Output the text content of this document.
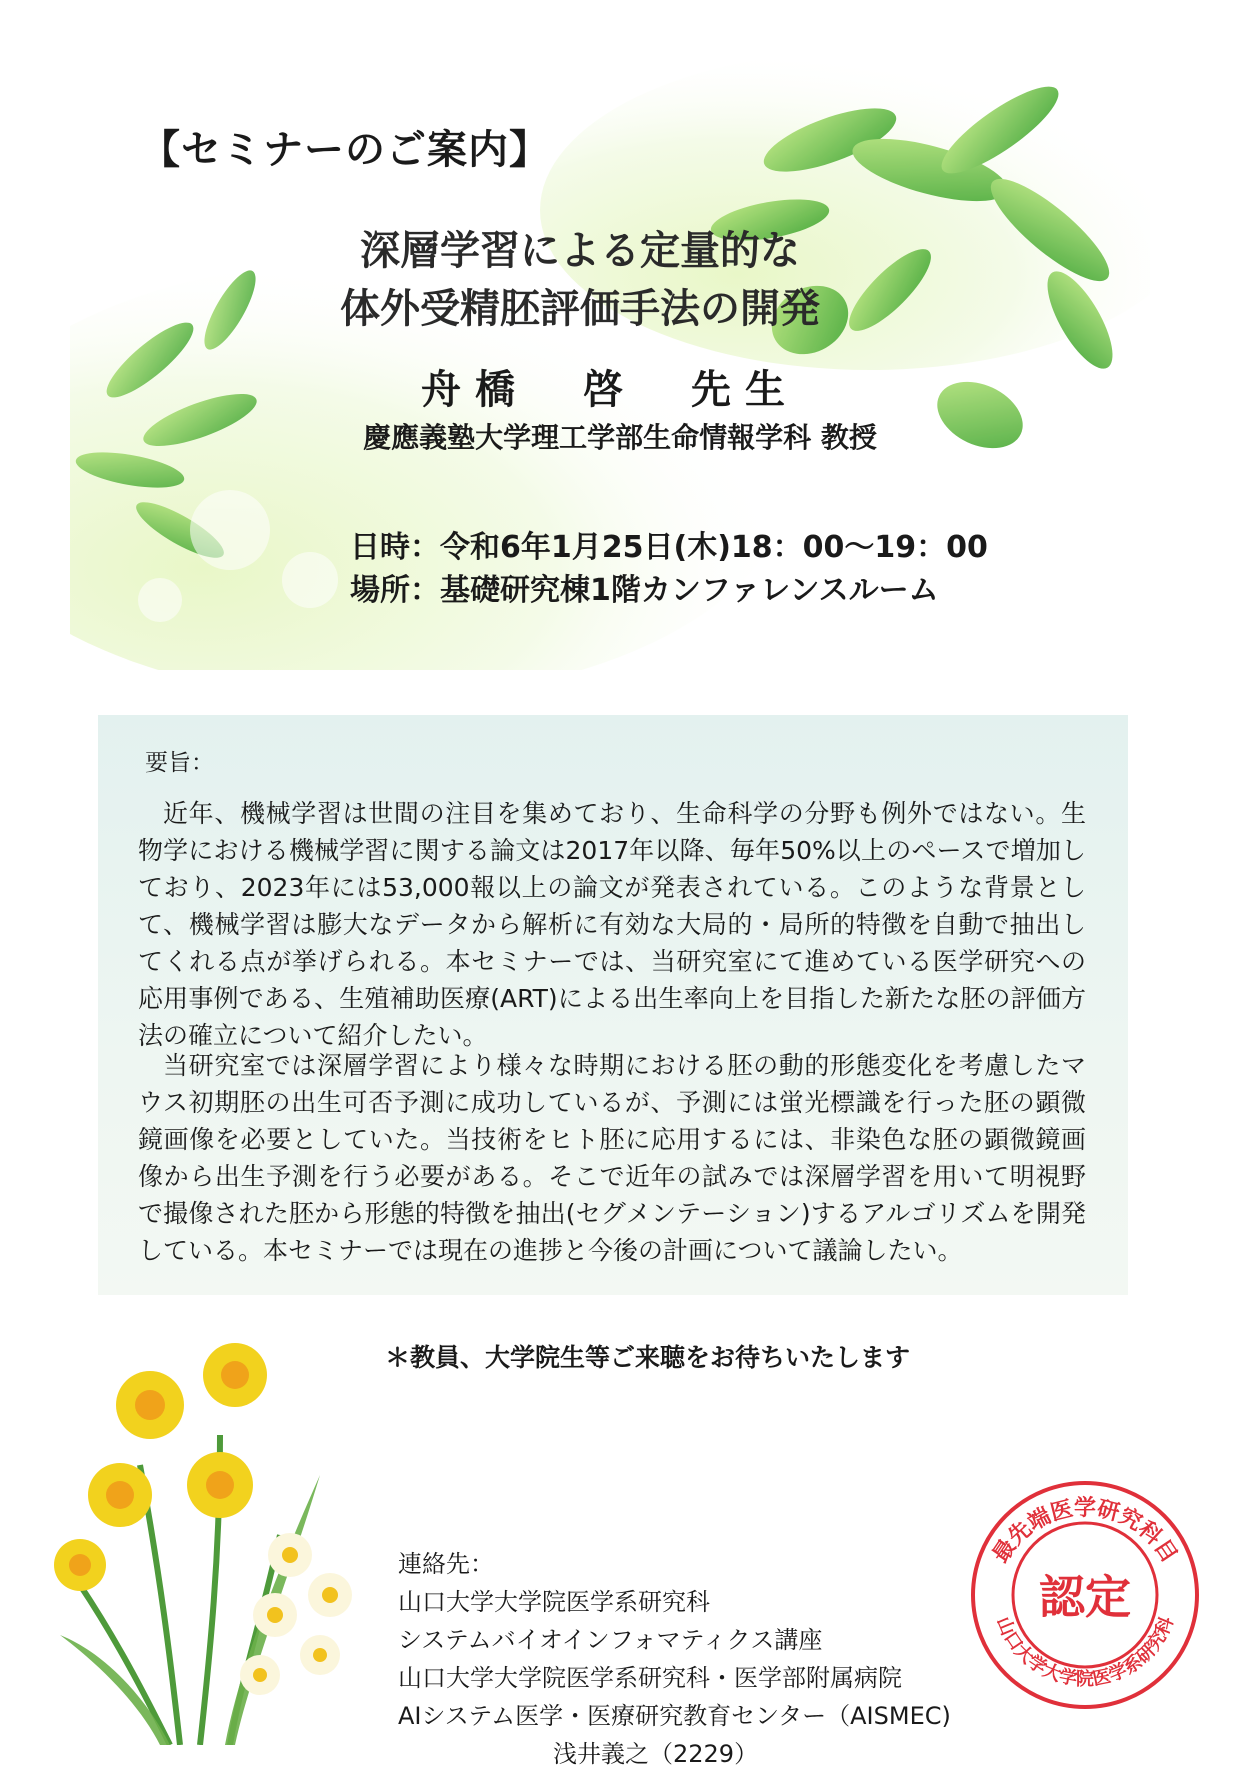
【セミナーのご案内】
深層学習による定量的な
体外受精胚評価手法の開発
舟橋　啓　先生
慶應義塾大学理工学部生命情報学科 教授
日時：令和6年1月25日(木)18：00～19：00
場所：基礎研究棟1階カンファレンスルーム
要旨：

近年、機械学習は世間の注目を集めており、生命科学の分野も例外ではない。生物学における機械学習に関する論文は2017年以降、毎年50%以上のペースで増加しており、2023年には53,000報以上の論文が発表されている。このような背景として、機械学習は膨大なデータから解析に有効な大局的・局所的特徴を自動で抽出してくれる点が挙げられる。本セミナーでは、当研究室にて進めている医学研究への応用事例である、生殖補助医療(ART)による出生率向上を目指した新たな胚の評価方法の確立について紹介したい。

当研究室では深層学習により様々な時期における胚の動的形態変化を考慮したマウス初期胚の出生可否予測に成功しているが、予測には蛍光標識を行った胚の顕微鏡画像を必要としていた。当技術をヒト胚に応用するには、非染色な胚の顕微鏡画像から出生予測を行う必要がある。そこで近年の試みでは深層学習を用いて明視野で撮像された胚から形態的特徴を抽出(セグメンテーション)するアルゴリズムを開発している。本セミナーでは現在の進捗と今後の計画について議論したい。

＊教員、大学院生等ご来聴をお待ちいたします
連絡先：
山口大学大学院医学系研究科
システムバイオインフォマティクス講座
山口大学大学院医学系研究科・医学部附属病院
AIシステム医学・医療研究教育センター（AISMEC)
浅井義之（2229）
最先端医学研究科目
山口大学大学院医学系研究科
認定
